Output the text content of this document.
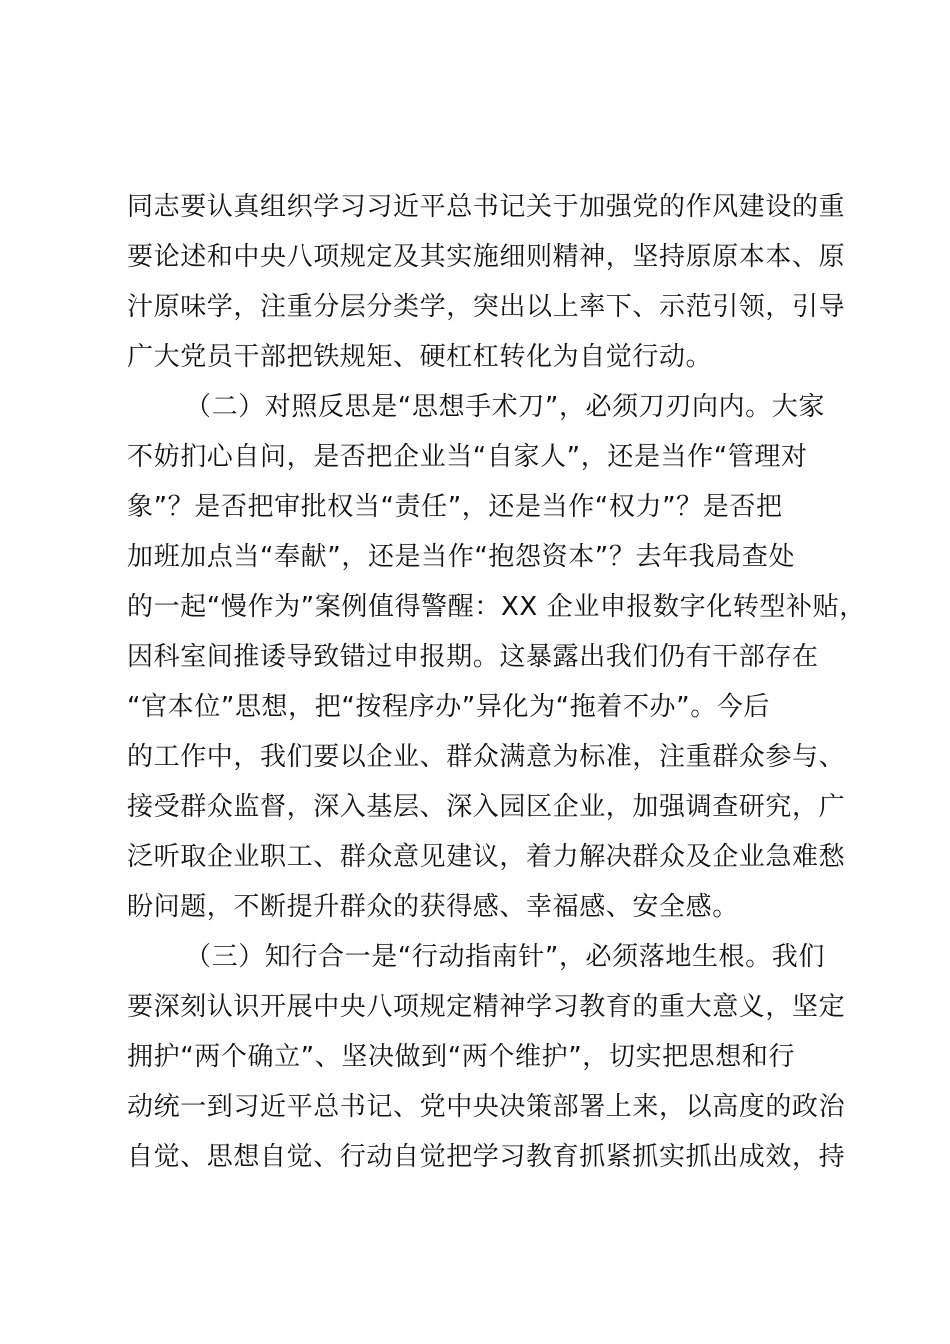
同志要认真组织学习习近平总书记关于加强党的作风建设的重
要论述和中央八项规定及其实施细则精神，坚持原原本本、原
汁原味学，注重分层分类学，突出以上率下、示范引领，引导
广大党员干部把铁规矩、硬杠杠转化为自觉行动。
（二）对照反思是“思想手术刀”，必须刀刃向内。大家
不妨扪心自问，是否把企业当“自家人”，还是当作“管理对
象”？是否把审批权当“责任”，还是当作“权力”？是否把
加班加点当“奉献”，还是当作“抱怨资本”？去年我局查处
的一起“慢作为”案例值得警醒：XX 企业申报数字化转型补贴，
因科室间推诿导致错过申报期。这暴露出我们仍有干部存在
“官本位”思想，把“按程序办”异化为“拖着不办”。今后
的工作中，我们要以企业、群众满意为标准，注重群众参与、
接受群众监督，深入基层、深入园区企业，加强调查研究，广
泛听取企业职工、群众意见建议，着力解决群众及企业急难愁
盼问题，不断提升群众的获得感、幸福感、安全感。
（三）知行合一是“行动指南针”，必须落地生根。我们
要深刻认识开展中央八项规定精神学习教育的重大意义，坚定
拥护“两个确立”、坚决做到“两个维护”，切实把思想和行
动统一到习近平总书记、党中央决策部署上来，以高度的政治
自觉、思想自觉、行动自觉把学习教育抓紧抓实抓出成效，持
